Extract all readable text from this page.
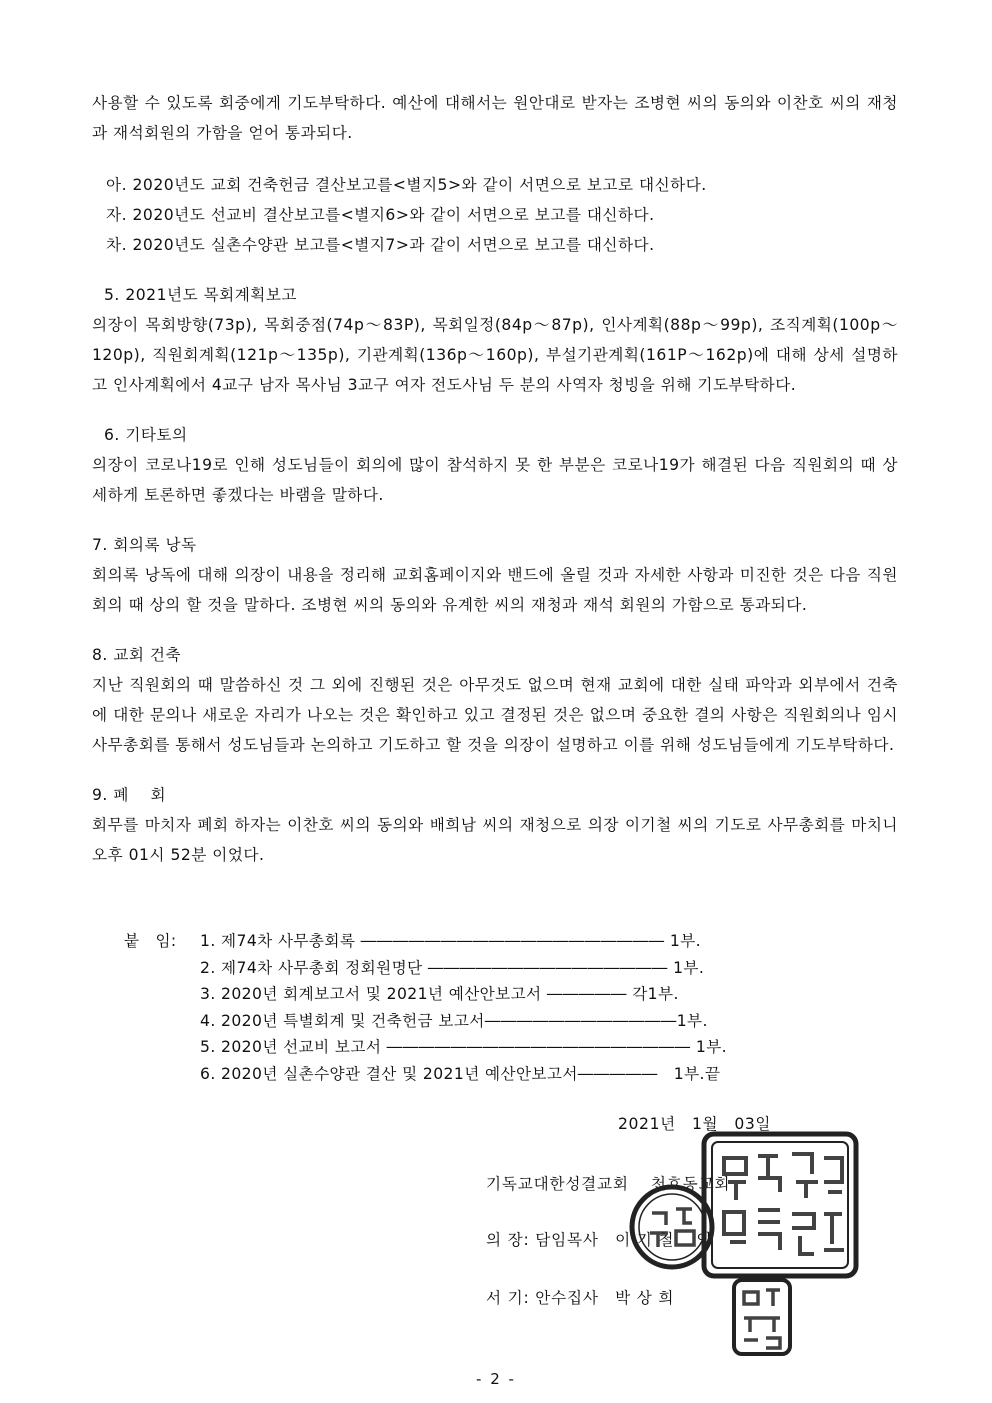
사용할 수 있도록 회중에게 기도부탁하다. 예산에 대해서는 원안대로 받자는 조병현 씨의 동의와 이찬호 씨의 재청과 재석회원의 가함을 얻어 통과되다.

아. 2020년도 교회 건축헌금 결산보고를<별지5>와 같이 서면으로 보고로 대신하다.

자. 2020년도 선교비 결산보고를<별지6>와 같이 서면으로 보고를 대신하다.

차. 2020년도 실촌수양관 보고를<별지7>과 같이 서면으로 보고를 대신하다.

5. 2021년도 목회계획보고

의장이 목회방향(73p), 목회중점(74p～83P), 목회일정(84p～87p), 인사계획(88p～99p), 조직계획(100p～120p), 직원회계획(121p～135p), 기관계획(136p～160p), 부설기관계획(161P～162p)에 대해 상세 설명하고 인사계획에서 4교구 남자 목사님 3교구 여자 전도사님 두 분의 사역자 청빙을 위해 기도부탁하다.

6. 기타토의

의장이 코로나19로 인해 성도님들이 회의에 많이 참석하지 못 한 부분은 코로나19가 해결된 다음 직원회의 때 상세하게 토론하면 좋겠다는 바램을 말하다.

7. 회의록 낭독

회의록 낭독에 대해 의장이 내용을 정리해 교회홈페이지와 밴드에 올릴 것과 자세한 사항과 미진한 것은 다음 직원회의 때 상의 할 것을 말하다. 조병현 씨의 동의와 유계한 씨의 재청과 재석 회원의 가함으로 통과되다.

8. 교회 건축

지난 직원회의 때 말씀하신 것 그 외에 진행된 것은 아무것도 없으며 현재 교회에 대한 실태 파악과 외부에서 건축에 대한 문의나 새로운 자리가 나오는 것은 확인하고 있고 결정된 것은 없으며 중요한 결의 사항은 직원회의나 임시사무총회를 통해서 성도님들과 논의하고 기도하고 할 것을 의장이 설명하고 이를 위해 성도님들에게 기도부탁하다.

9. 폐　 회

회무를 마치자 폐회 하자는 이찬호 씨의 동의와 배희남 씨의 재청으로 의장 이기철 씨의 기도로 사무총회를 마치니 오후 01시 52분 이었다.

붙　임:	1. 제74차 사무총회록 ――――――――――――――――――― 1부.
2. 제74차 사무총회 정회원명단 ――――――――――――――― 1부.
3. 2020년 회계보고서 및 2021년 예산안보고서 ――――― 각1부.
4. 2020년 특별회계 및 건축헌금 보고서――――――――――――1부.
5. 2020년 선교비 보고서 ――――――――――――――――――― 1부.
6. 2020년 실촌수양관 결산 및 2021년 예산안보고서―――――　1부.끝
2021년　1월　03일
기독교대한성결교회　 천호동교회
의 장: 담임목사　이 기 철　 인
서 기: 안수집사　박 상 희
- 2 -
